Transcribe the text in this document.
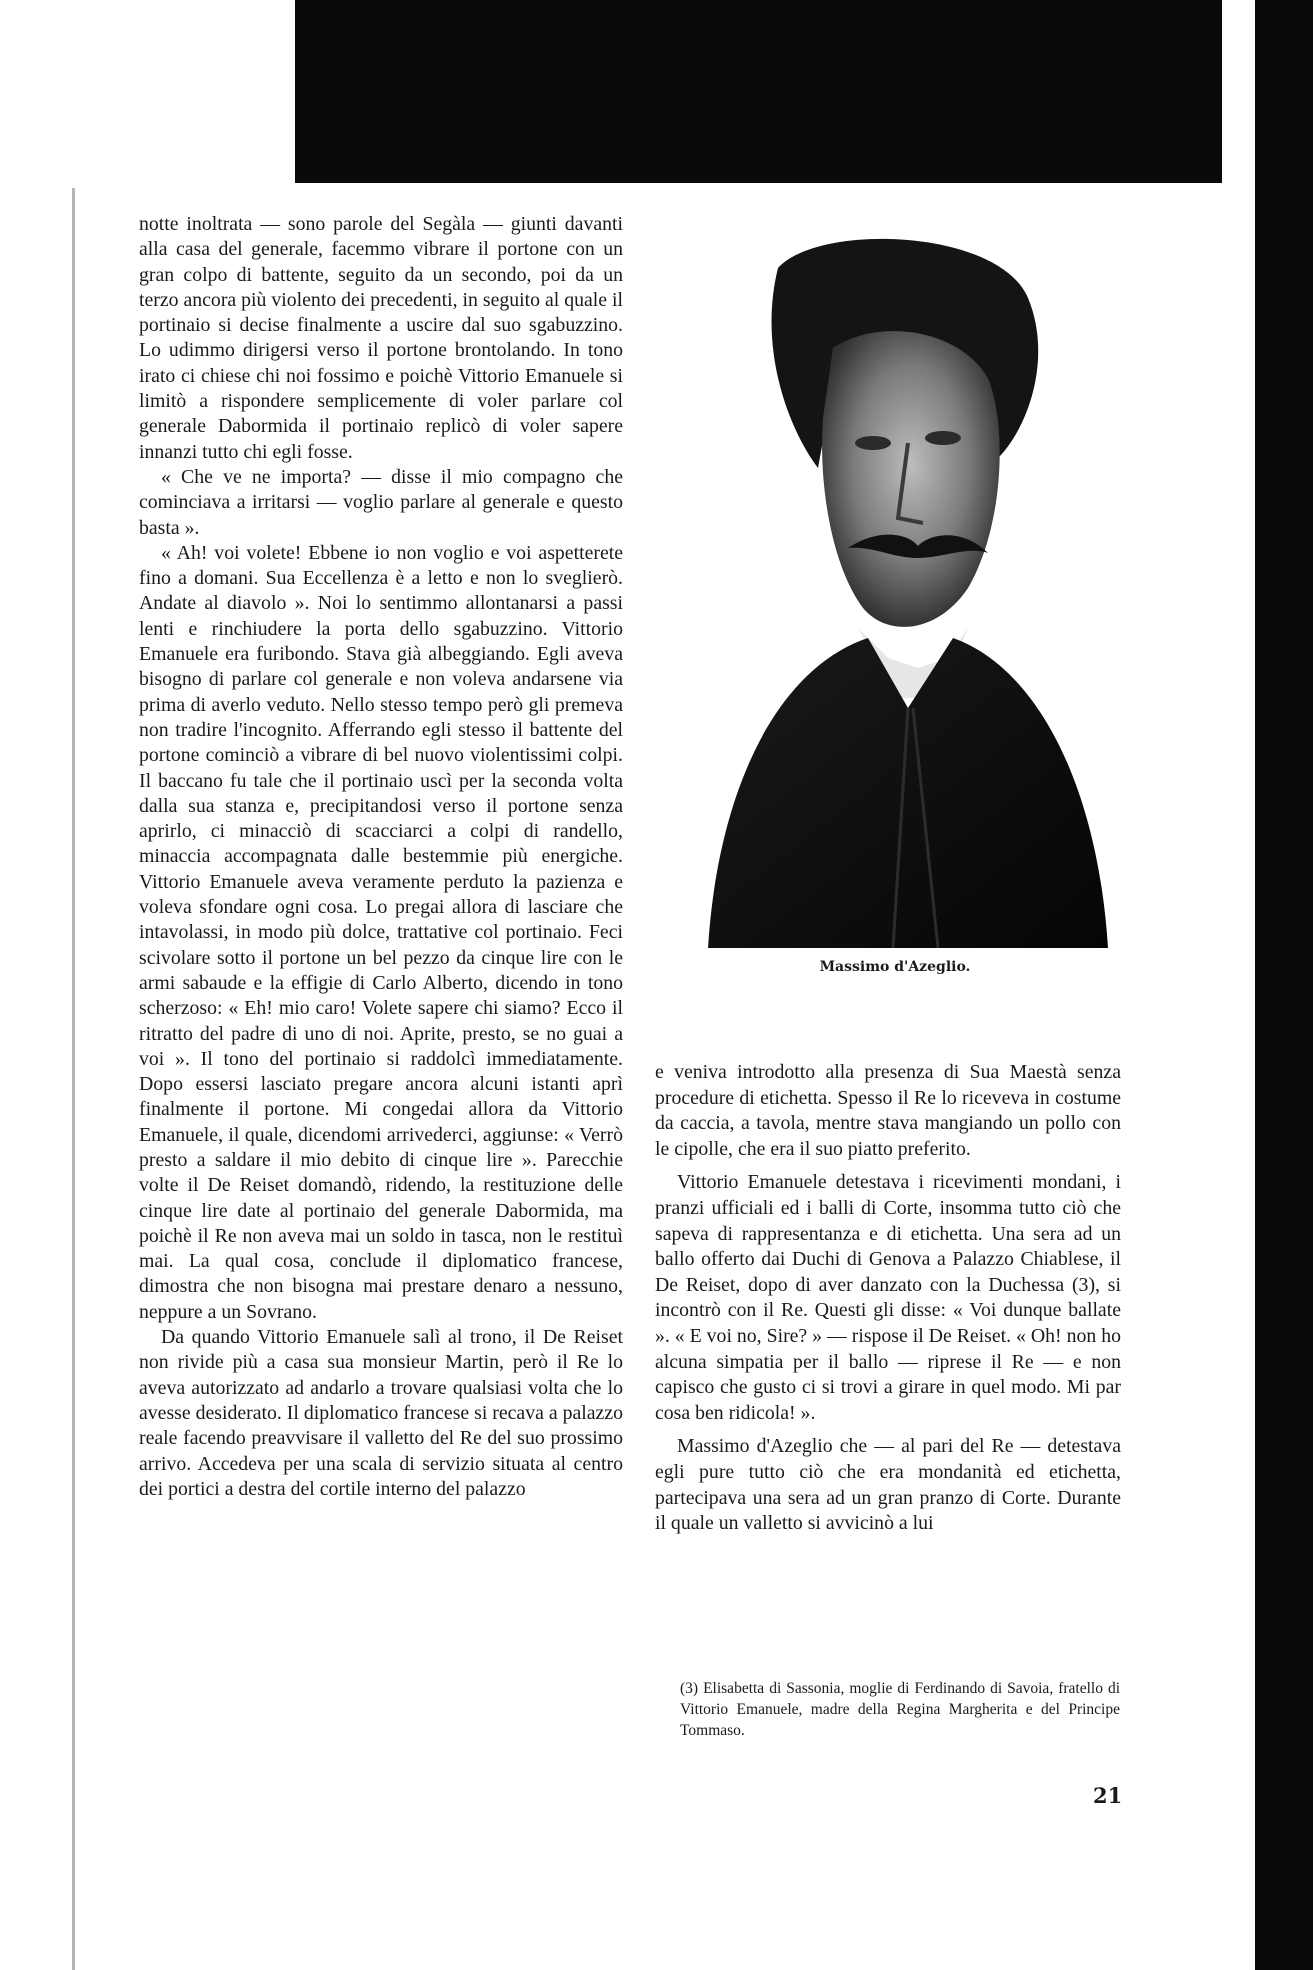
notte inoltrata — sono parole del Segàla — giunti davanti alla casa del generale, facemmo vibrare il portone con un gran colpo di battente, seguito da un secondo, poi da un terzo ancora più violento dei precedenti, in seguito al quale il portinaio si decise finalmente a uscire dal suo sgabuzzino. Lo udimmo dirigersi verso il portone brontolando. In tono irato ci chiese chi noi fossimo e poichè Vittorio Emanuele si limitò a rispondere semplicemente di voler parlare col generale Dabormida il portinaio replicò di voler sapere innanzi tutto chi egli fosse.

« Che ve ne importa? — disse il mio compagno che cominciava a irritarsi — voglio parlare al generale e questo basta ».

« Ah! voi volete! Ebbene io non voglio e voi aspetterete fino a domani. Sua Eccellenza è a letto e non lo sveglierò. Andate al diavolo ». Noi lo sentimmo allontanarsi a passi lenti e rinchiudere la porta dello sgabuzzino. Vittorio Emanuele era furibondo. Stava già albeggiando. Egli aveva bisogno di parlare col generale e non voleva andarsene via prima di averlo veduto. Nello stesso tempo però gli premeva non tradire l'incognito. Afferrando egli stesso il battente del portone cominciò a vibrare di bel nuovo violentissimi colpi. Il baccano fu tale che il portinaio uscì per la seconda volta dalla sua stanza e, precipitandosi verso il portone senza aprirlo, ci minacciò di scacciarci a colpi di randello, minaccia accompagnata dalle bestemmie più energiche. Vittorio Emanuele aveva veramente perduto la pazienza e voleva sfondare ogni cosa. Lo pregai allora di lasciare che intavolassi, in modo più dolce, trattative col portinaio. Feci scivolare sotto il portone un bel pezzo da cinque lire con le armi sabaude e la effigie di Carlo Alberto, dicendo in tono scherzoso: « Eh! mio caro! Volete sapere chi siamo? Ecco il ritratto del padre di uno di noi. Aprite, presto, se no guai a voi ». Il tono del portinaio si raddolcì immediatamente. Dopo essersi lasciato pregare ancora alcuni istanti aprì finalmente il portone. Mi congedai allora da Vittorio Emanuele, il quale, dicendomi arrivederci, aggiunse: « Verrò presto a saldare il mio debito di cinque lire ». Parecchie volte il De Reiset domandò, ridendo, la restituzione delle cinque lire date al portinaio del generale Dabormida, ma poichè il Re non aveva mai un soldo in tasca, non le restituì mai. La qual cosa, conclude il diplomatico francese, dimostra che non bisogna mai prestare denaro a nessuno, neppure a un Sovrano.

Da quando Vittorio Emanuele salì al trono, il De Reiset non rivide più a casa sua monsieur Martin, però il Re lo aveva autorizzato ad andarlo a trovare qualsiasi volta che lo avesse desiderato. Il diplomatico francese si recava a palazzo reale facendo preavvisare il valletto del Re del suo prossimo arrivo. Accedeva per una scala di servizio situata al centro dei portici a destra del cortile interno del palazzo

Massimo d'Azeglio.

e veniva introdotto alla presenza di Sua Maestà senza procedure di etichetta. Spesso il Re lo riceveva in costume da caccia, a tavola, mentre stava mangiando un pollo con le cipolle, che era il suo piatto preferito.

Vittorio Emanuele detestava i ricevimenti mondani, i pranzi ufficiali ed i balli di Corte, insomma tutto ciò che sapeva di rappresentanza e di etichetta. Una sera ad un ballo offerto dai Duchi di Genova a Palazzo Chiablese, il De Reiset, dopo di aver danzato con la Duchessa (3), si incontrò con il Re. Questi gli disse: « Voi dunque ballate ». « E voi no, Sire? » — rispose il De Reiset. « Oh! non ho alcuna simpatia per il ballo — riprese il Re — e non capisco che gusto ci si trovi a girare in quel modo. Mi par cosa ben ridicola! ».

Massimo d'Azeglio che — al pari del Re — detestava egli pure tutto ciò che era mondanità ed etichetta, partecipava una sera ad un gran pranzo di Corte. Durante il quale un valletto si avvicinò a lui

(3) Elisabetta di Sassonia, moglie di Ferdinando di Savoia, fratello di Vittorio Emanuele, madre della Regina Margherita e del Principe Tommaso.
21
